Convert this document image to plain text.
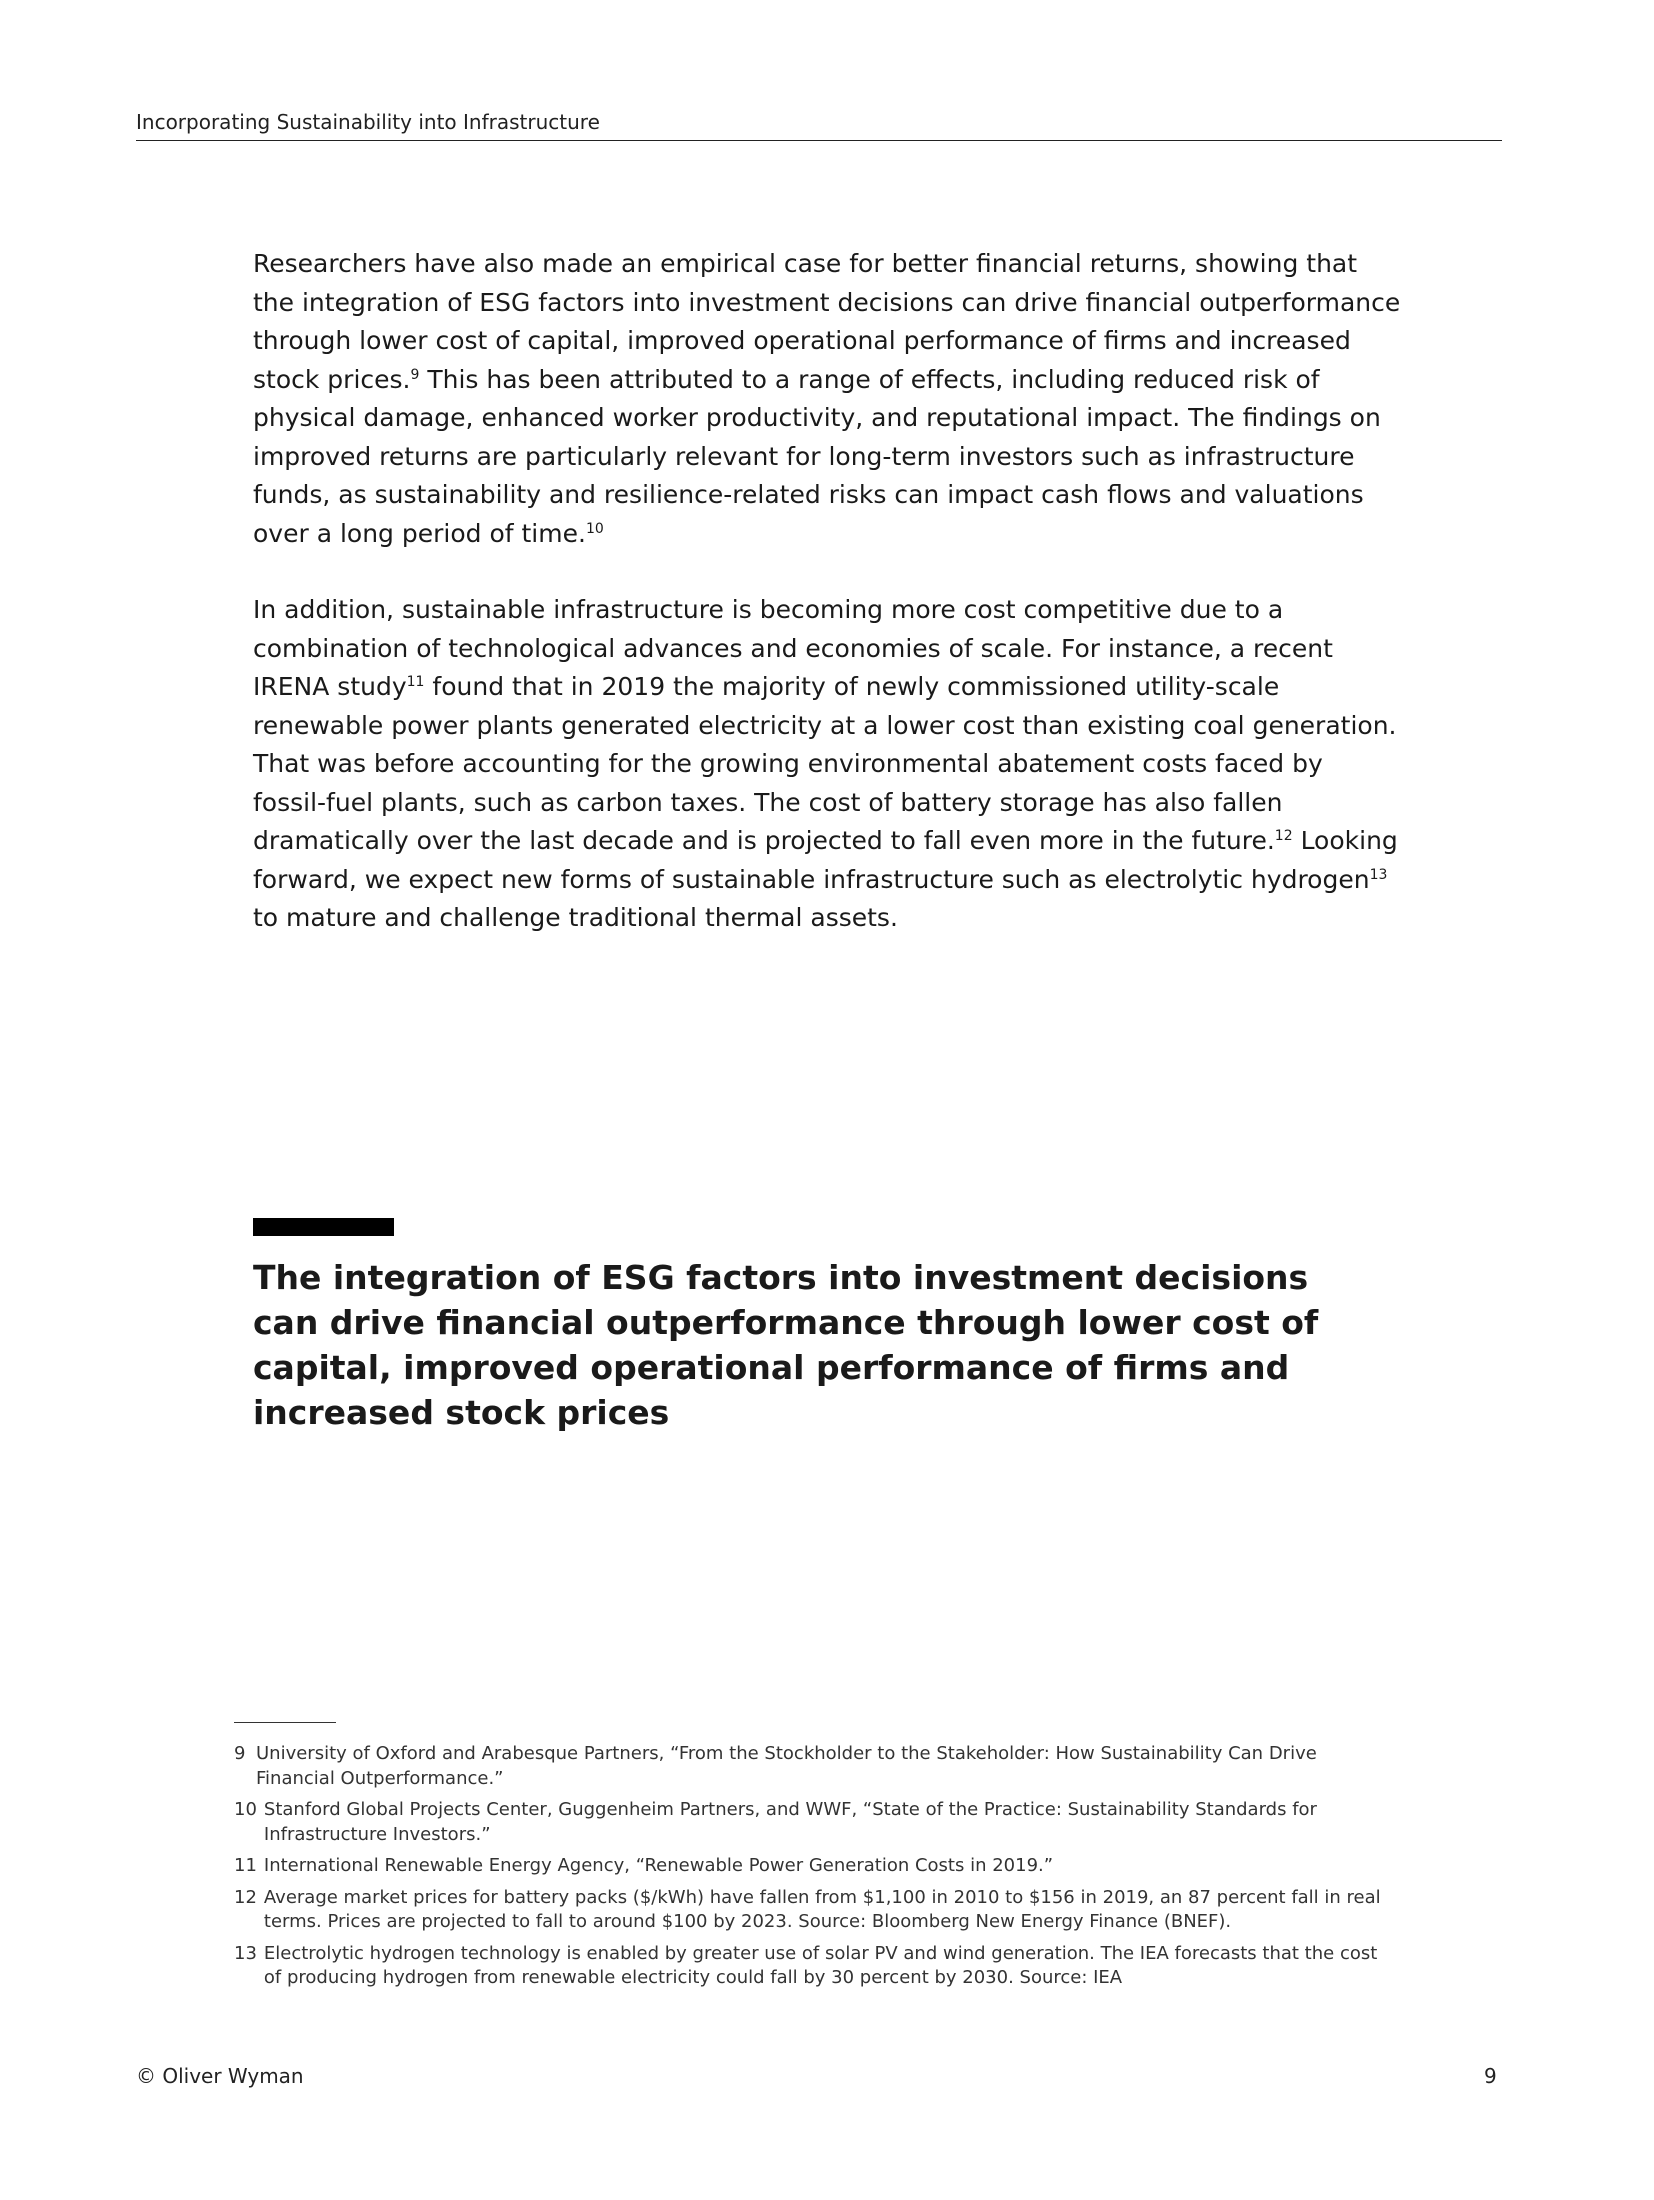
Incorporating Sustainability into Infrastructure

Researchers have also made an empirical case for better financial returns, showing that the integration of ESG factors into investment decisions can drive financial outperformance through lower cost of capital, improved operational performance of firms and increased stock prices.$^9$ This has been attributed to a range of effects, including reduced risk of physical damage, enhanced worker productivity, and reputational impact. The findings on improved returns are particularly relevant for long-term investors such as infrastructure funds, as sustainability and resilience-related risks can impact cash flows and valuations over a long period of time.$^{10}$

In addition, sustainable infrastructure is becoming more cost competitive due to a combination of technological advances and economies of scale. For instance, a recent IRENA study$^{11}$ found that in 2019 the majority of newly commissioned utility-scale renewable power plants generated electricity at a lower cost than existing coal generation. That was before accounting for the growing environmental abatement costs faced by fossil-fuel plants, such as carbon taxes. The cost of battery storage has also fallen dramatically over the last decade and is projected to fall even more in the future.$^{12}$ Looking forward, we expect new forms of sustainable infrastructure such as electrolytic hydrogen$^{13}$ to mature and challenge traditional thermal assets.

The integration of ESG factors into investment decisions can drive financial outperformance through lower cost of capital, improved operational performance of firms and increased stock prices
9 University of Oxford and Arabesque Partners, “From the Stockholder to the Stakeholder: How Sustainability Can Drive Financial Outperformance.”
10 Stanford Global Projects Center, Guggenheim Partners, and WWF, “State of the Practice: Sustainability Standards for Infrastructure Investors.”
11 International Renewable Energy Agency, “Renewable Power Generation Costs in 2019.”
12 Average market prices for battery packs ($/kWh) have fallen from $1,100 in 2010 to $156 in 2019, an 87 percent fall in real terms. Prices are projected to fall to around $100 by 2023. Source: Bloomberg New Energy Finance (BNEF).
13 Electrolytic hydrogen technology is enabled by greater use of solar PV and wind generation. The IEA forecasts that the cost of producing hydrogen from renewable electricity could fall by 30 percent by 2030. Source: IEA
© Oliver Wyman	9
